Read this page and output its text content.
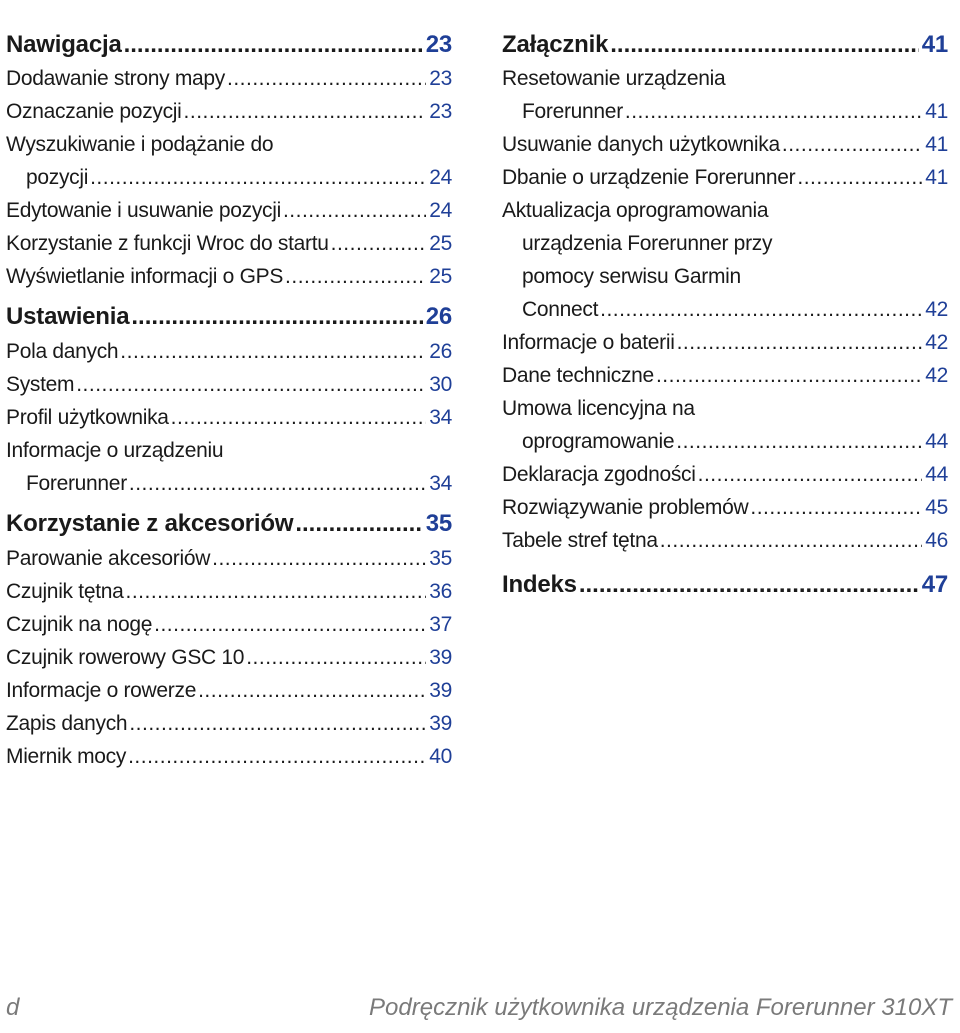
Nawigacja .....	23
Dodawanie strony mapy .....	23
Oznaczanie pozycji .....	23
Wyszukiwanie i podążanie do
pozycji .....	24
Edytowanie i usuwanie pozycji .....	24
Korzystanie z funkcji Wroc do startu .....	25
Wyświetlanie informacji o GPS .....	25
Ustawienia .....	26
Pola danych .....	26
System .....	30
Profil użytkownika .....	34
Informacje o urządzeniu
Forerunner .....	34
Korzystanie z akcesoriów .....	35
Parowanie akcesoriów .....	35
Czujnik tętna .....	36
Czujnik na nogę .....	37
Czujnik rowerowy GSC 10 .....	39
Informacje o rowerze .....	39
Zapis danych .....	39
Miernik mocy .....	40
Załącznik .....	41
Resetowanie urządzenia
Forerunner .....	41
Usuwanie danych użytkownika .....	41
Dbanie o urządzenie Forerunner .....	41
Aktualizacja oprogramowania
urządzenia Forerunner przy
pomocy serwisu Garmin
Connect .....	42
Informacje o baterii .....	42
Dane techniczne .....	42
Umowa licencyjna na
oprogramowanie .....	44
Deklaracja zgodności .....	44
Rozwiązywanie problemów .....	45
Tabele stref tętna .....	46
Indeks .....	47
d	Podręcznik użytkownika urządzenia Forerunner 310XT
